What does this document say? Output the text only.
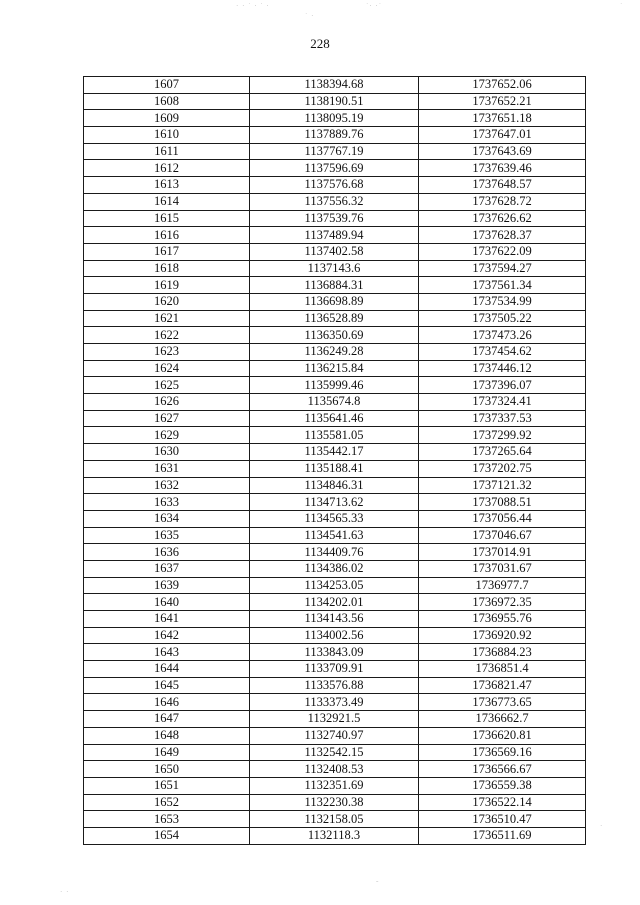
· · ˙ · ˙ ·
˙ ·
˙· ·˙	˙
228
1607	1138394.68	1737652.06
1608	1138190.51	1737652.21
1609	1138095.19	1737651.18
1610	1137889.76	1737647.01
1611	1137767.19	1737643.69
1612	1137596.69	1737639.46
1613	1137576.68	1737648.57
1614	1137556.32	1737628.72
1615	1137539.76	1737626.62
1616	1137489.94	1737628.37
1617	1137402.58	1737622.09
1618	1137143.6	1737594.27
1619	1136884.31	1737561.34
1620	1136698.89	1737534.99
1621	1136528.89	1737505.22
1622	1136350.69	1737473.26
1623	1136249.28	1737454.62
1624	1136215.84	1737446.12
1625	1135999.46	1737396.07
1626	1135674.8	1737324.41
1627	1135641.46	1737337.53
1629	1135581.05	1737299.92
1630	1135442.17	1737265.64
1631	1135188.41	1737202.75
1632	1134846.31	1737121.32
1633	1134713.62	1737088.51
1634	1134565.33	1737056.44
1635	1134541.63	1737046.67
1636	1134409.76	1737014.91
1637	1134386.02	1737031.67
1639	1134253.05	1736977.7
1640	1134202.01	1736972.35
1641	1134143.56	1736955.76
1642	1134002.56	1736920.92
1643	1133843.09	1736884.23
1644	1133709.91	1736851.4
1645	1133576.88	1736821.47
1646	1133373.49	1736773.65
1647	1132921.5	1736662.7
1648	1132740.97	1736620.81
1649	1132542.15	1736569.16
1650	1132408.53	1736566.67
1651	1132351.69	1736559.38
1652	1132230.38	1736522.14
1653	1132158.05	1736510.47
1654	1132118.3	1736511.69
˜
· ·
·
